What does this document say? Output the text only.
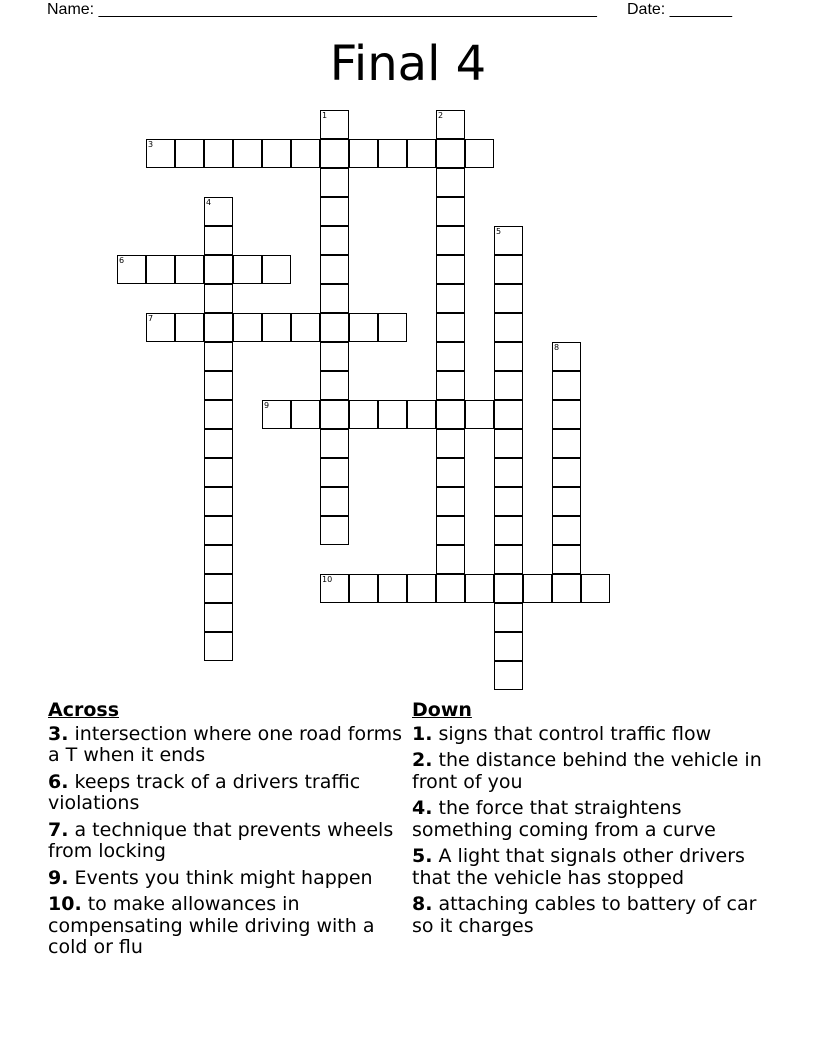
Name: ________________________________________________________ Date: _______
Final 4
1	2
3
4
5
6
7
8
9
10
Across
3. intersection where one road forms a T when it ends
6. keeps track of a drivers traffic violations
7. a technique that prevents wheels from locking
9. Events you think might happen
10. to make allowances in compensating while driving with a cold or flu
Down
1. signs that control traffic flow
2. the distance behind the vehicle in front of you
4. the force that straightens something coming from a curve
5. A light that signals other drivers that the vehicle has stopped
8. attaching cables to battery of car so it charges
